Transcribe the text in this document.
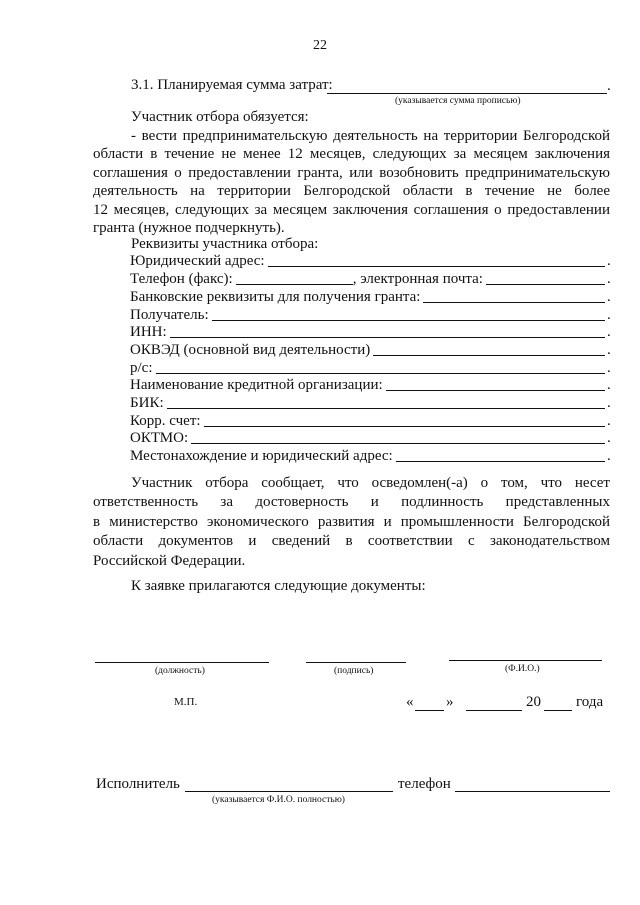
22
3.1. Планируемая сумма затрат:	.
(указывается сумма прописью)
Участник отбора обязуется:
- вести предпринимательскую деятельность на территории Белгородской
области в течение не менее 12 месяцев, следующих за месяцем заключения
соглашения о предоставлении гранта, или возобновить предпринимательскую
деятельность на территории Белгородской области в течение не более
12 месяцев, следующих за месяцем заключения соглашения о предоставлении
гранта (нужное подчеркнуть).
Реквизиты участника отбора:
Юридический адрес:	.
Телефон (факс):	, электронная почта:	.
Банковские реквизиты для получения гранта:	.
Получатель:	.
ИНН:	.
ОКВЭД (основной вид деятельности)	.
р/с:	.
Наименование кредитной организации:	.
БИК:	.
Корр. счет:	.
ОКТМО:	.
Местонахождение и юридический адрес:	.
Участник отбора сообщает, что осведомлен(-а) о том, что несет
ответственность за достоверность и подлинность представленных
в министерство экономического развития и промышленности Белгородской
области документов и сведений в соответствии с законодательством
Российской Федерации.
К заявке прилагаются следующие документы:
(должность)	(подпись)	(Ф.И.О.)
М.П.	« »	20 года
Исполнитель	телефон
(указывается Ф.И.О. полностью)
